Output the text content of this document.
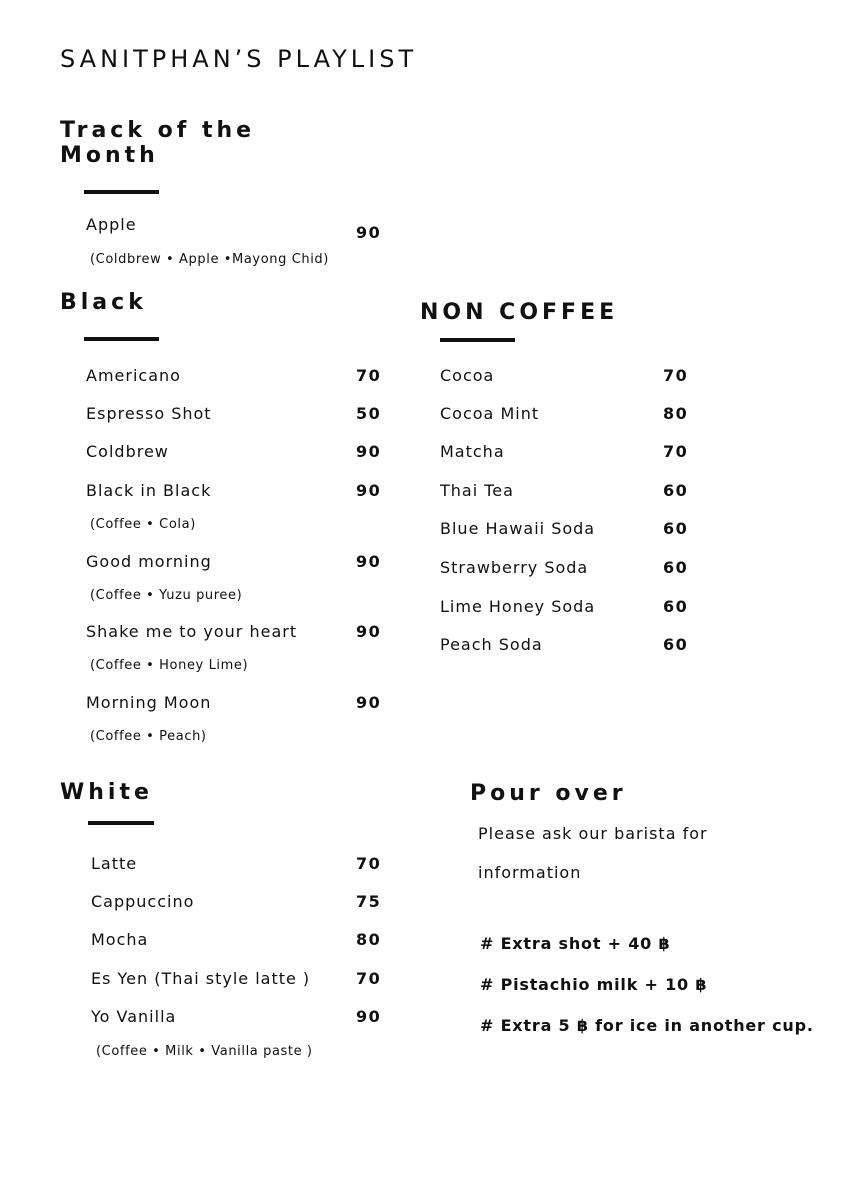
SANITPHAN’S PLAYLIST
Track of the
Month
Apple	90
(Coldbrew • Apple •Mayong Chid)
Black
Americano	70
Espresso Shot	50
Coldbrew	90
Black in Black	90
(Coffee • Cola)
Good morning	90
(Coffee • Yuzu puree)
Shake me to your heart	90
(Coffee • Honey Lime)
Morning Moon	90
(Coffee • Peach)
NON COFFEE
Cocoa	70
Cocoa Mint	80
Matcha	70
Thai Tea	60
Blue Hawaii Soda	60
Strawberry Soda	60
Lime Honey Soda	60
Peach Soda	60
White
Latte	70
Cappuccino	75
Mocha	80
Es Yen (Thai style latte )	70
Yo Vanilla	90
(Coffee • Milk • Vanilla paste )
Pour over
Please ask our barista for
information
# Extra shot + 40 ฿
# Pistachio milk + 10 ฿
# Extra 5 ฿ for ice in another cup.
